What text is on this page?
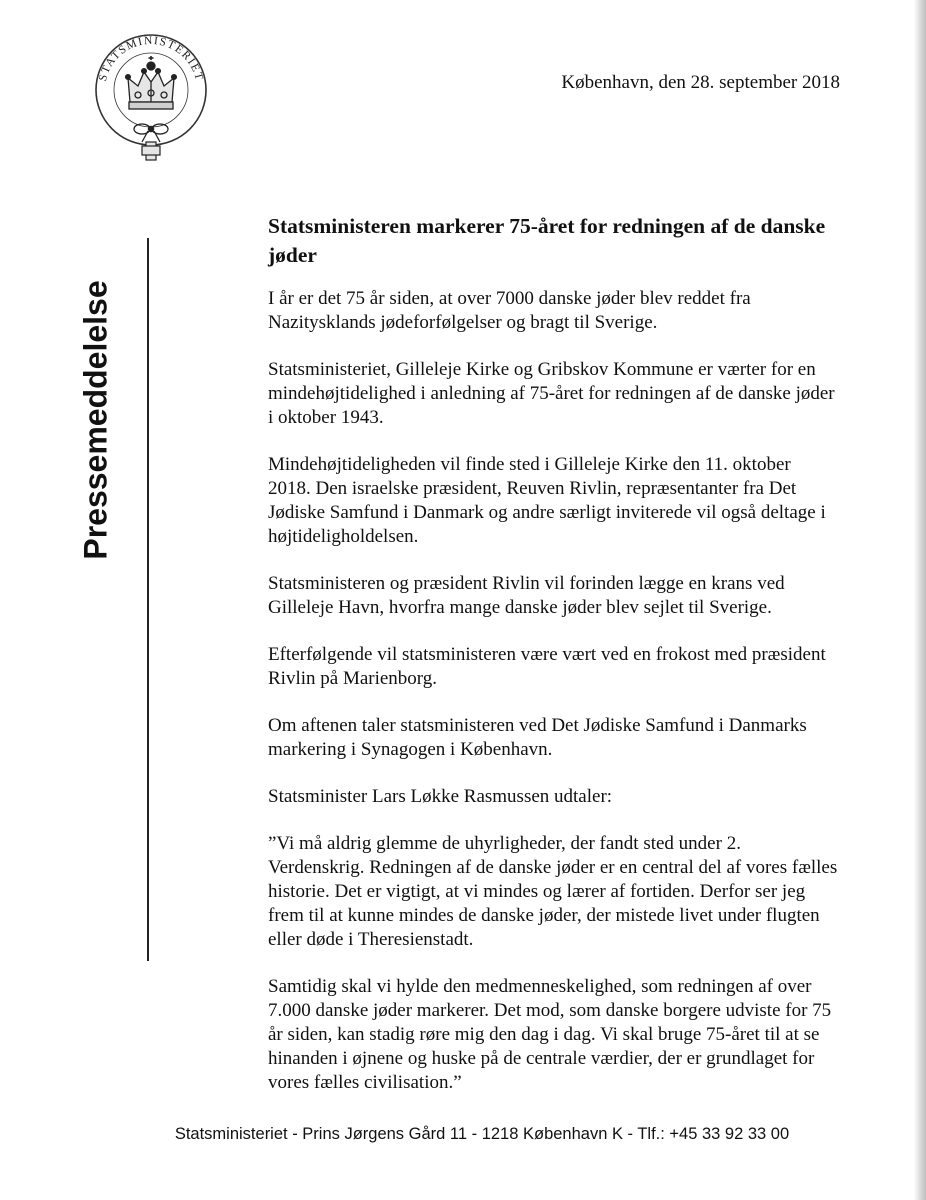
STATSMINISTERIET	København, den 28. september 2018

Pressemeddelelse
Statsministeren markerer 75-året for redningen af de danske jøder

I år er det 75 år siden, at over 7000 danske jøder blev reddet fra Nazitysklands jødeforfølgelser og bragt til Sverige.

Statsministeriet, Gilleleje Kirke og Gribskov Kommune er værter for en mindehøjtidelighed i anledning af 75-året for redningen af de danske jøder i oktober 1943.

Mindehøjtideligheden vil finde sted i Gilleleje Kirke den 11. oktober 2018. Den israelske præsident, Reuven Rivlin, repræsentanter fra Det Jødiske Samfund i Danmark og andre særligt inviterede vil også deltage i højtideligholdelsen.

Statsministeren og præsident Rivlin vil forinden lægge en krans ved Gilleleje Havn, hvorfra mange danske jøder blev sejlet til Sverige.

Efterfølgende vil statsministeren være vært ved en frokost med præsident Rivlin på Marienborg.

Om aftenen taler statsministeren ved Det Jødiske Samfund i Danmarks markering i Synagogen i København.

Statsminister Lars Løkke Rasmussen udtaler:

”Vi må aldrig glemme de uhyrligheder, der fandt sted under 2. Verdenskrig. Redningen af de danske jøder er en central del af vores fælles historie. Det er vigtigt, at vi mindes og lærer af fortiden. Derfor ser jeg frem til at kunne mindes de danske jøder, der mistede livet under flugten eller døde i Theresienstadt.

Samtidig skal vi hylde den medmenneskelighed, som redningen af over 7.000 danske jøder markerer. Det mod, som danske borgere udviste for 75 år siden, kan stadig røre mig den dag i dag. Vi skal bruge 75-året til at se hinanden i øjnene og huske på de centrale værdier, der er grundlaget for vores fælles civilisation.”

Statsministeriet - Prins Jørgens Gård 11 - 1218 København K - Tlf.: +45 33 92 33 00
